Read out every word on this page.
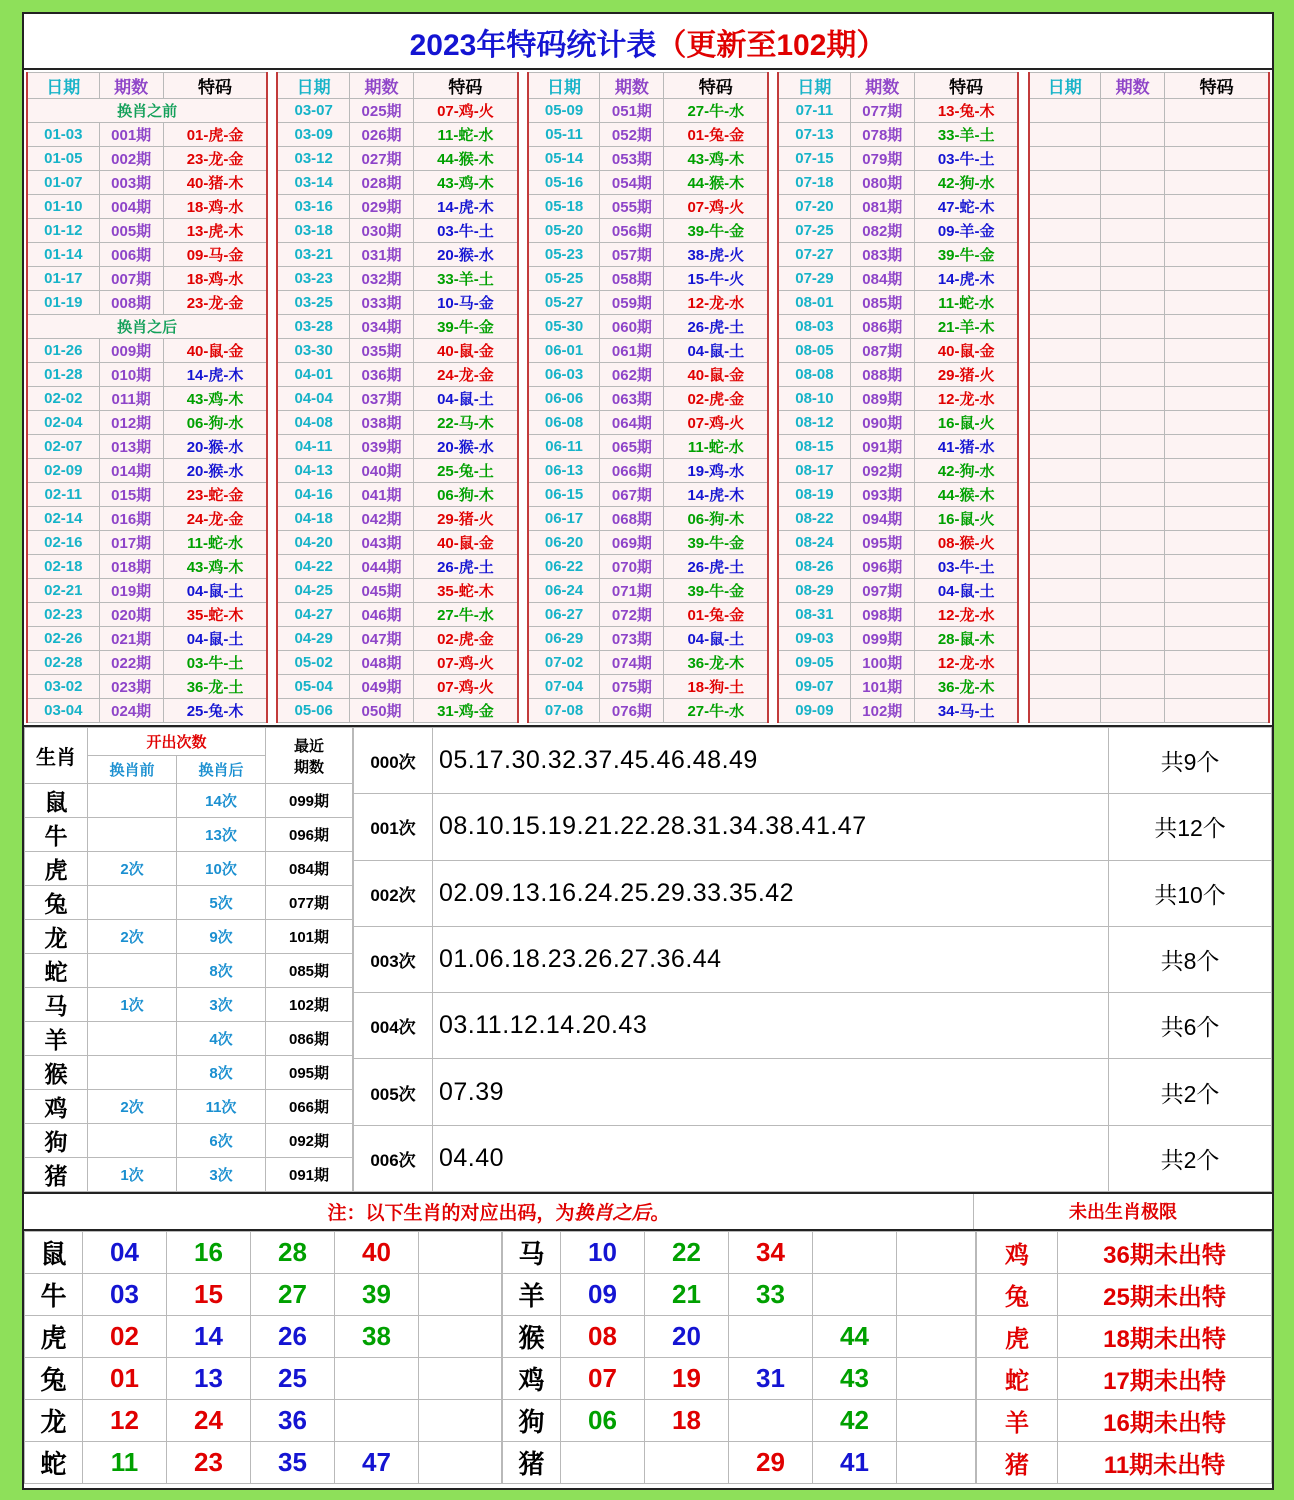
2023年特码统计表（更新至102期）
日期	期数	特码		日期	期数	特码		日期	期数	特码		日期	期数	特码		日期	期数	特码
换肖之前				03-07	025期	07-鸡-火		05-09	051期	27-牛-水		07-11	077期	13-兔-木				
01-03	001期	01-虎-金		03-09	026期	11-蛇-水		05-11	052期	01-兔-金		07-13	078期	33-羊-土				
01-05	002期	23-龙-金		03-12	027期	44-猴-木		05-14	053期	43-鸡-木		07-15	079期	03-牛-土				
01-07	003期	40-猪-木		03-14	028期	43-鸡-木		05-16	054期	44-猴-木		07-18	080期	42-狗-水				
01-10	004期	18-鸡-水		03-16	029期	14-虎-木		05-18	055期	07-鸡-火		07-20	081期	47-蛇-木				
01-12	005期	13-虎-木		03-18	030期	03-牛-土		05-20	056期	39-牛-金		07-25	082期	09-羊-金				
01-14	006期	09-马-金		03-21	031期	20-猴-水		05-23	057期	38-虎-火		07-27	083期	39-牛-金				
01-17	007期	18-鸡-水		03-23	032期	33-羊-土		05-25	058期	15-牛-火		07-29	084期	14-虎-木				
01-19	008期	23-龙-金		03-25	033期	10-马-金		05-27	059期	12-龙-水		08-01	085期	11-蛇-水				
换肖之后				03-28	034期	39-牛-金		05-30	060期	26-虎-土		08-03	086期	21-羊-木				
01-26	009期	40-鼠-金		03-30	035期	40-鼠-金		06-01	061期	04-鼠-土		08-05	087期	40-鼠-金				
01-28	010期	14-虎-木		04-01	036期	24-龙-金		06-03	062期	40-鼠-金		08-08	088期	29-猪-火				
02-02	011期	43-鸡-木		04-04	037期	04-鼠-土		06-06	063期	02-虎-金		08-10	089期	12-龙-水				
02-04	012期	06-狗-水		04-08	038期	22-马-木		06-08	064期	07-鸡-火		08-12	090期	16-鼠-火				
02-07	013期	20-猴-水		04-11	039期	20-猴-水		06-11	065期	11-蛇-水		08-15	091期	41-猪-水				
02-09	014期	20-猴-水		04-13	040期	25-兔-土		06-13	066期	19-鸡-水		08-17	092期	42-狗-水				
02-11	015期	23-蛇-金		04-16	041期	06-狗-木		06-15	067期	14-虎-木		08-19	093期	44-猴-木				
02-14	016期	24-龙-金		04-18	042期	29-猪-火		06-17	068期	06-狗-木		08-22	094期	16-鼠-火				
02-16	017期	11-蛇-水		04-20	043期	40-鼠-金		06-20	069期	39-牛-金		08-24	095期	08-猴-火				
02-18	018期	43-鸡-木		04-22	044期	26-虎-土		06-22	070期	26-虎-土		08-26	096期	03-牛-土				
02-21	019期	04-鼠-土		04-25	045期	35-蛇-木		06-24	071期	39-牛-金		08-29	097期	04-鼠-土				
02-23	020期	35-蛇-木		04-27	046期	27-牛-水		06-27	072期	01-兔-金		08-31	098期	12-龙-水				
02-26	021期	04-鼠-土		04-29	047期	02-虎-金		06-29	073期	04-鼠-土		09-03	099期	28-鼠-木				
02-28	022期	03-牛-土		05-02	048期	07-鸡-火		07-02	074期	36-龙-木		09-05	100期	12-龙-水				
03-02	023期	36-龙-土		05-04	049期	07-鸡-火		07-04	075期	18-狗-土		09-07	101期	36-龙-木				
03-04	024期	25-兔-木		05-06	050期	31-鸡-金		07-08	076期	27-牛-水		09-09	102期	34-马-土				
生肖	开出次数		最近
期数
	换肖前	换肖后	
鼠		14次	099期
牛		13次	096期
虎	2次	10次	084期
兔		5次	077期
龙	2次	9次	101期
蛇		8次	085期
马	1次	3次	102期
羊		4次	086期
猴		8次	095期
鸡	2次	11次	066期
狗		6次	092期
猪	1次	3次	091期
000次	05.17.30.32.37.45.46.48.49	共9个
001次	08.10.15.19.21.22.28.31.34.38.41.47	共12个
002次	02.09.13.16.24.25.29.33.35.42	共10个
003次	01.06.18.23.26.27.36.44	共8个
004次	03.11.12.14.20.43	共6个
005次	07.39	共2个
006次	04.40	共2个
注：以下生肖的对应出码，为换肖之后。	未出生肖极限
鼠	04	16	28	40	
牛	03	15	27	39	
虎	02	14	26	38	
兔	01	13	25		
龙	12	24	36		
蛇	11	23	35	47	
马	10	22	34		
羊	09	21	33		
猴	08	20		44	
鸡	07	19	31	43	
狗	06	18		42	
猪			29	41	
鸡	36期未出特
兔	25期未出特
虎	18期未出特
蛇	17期未出特
羊	16期未出特
猪	11期未出特
